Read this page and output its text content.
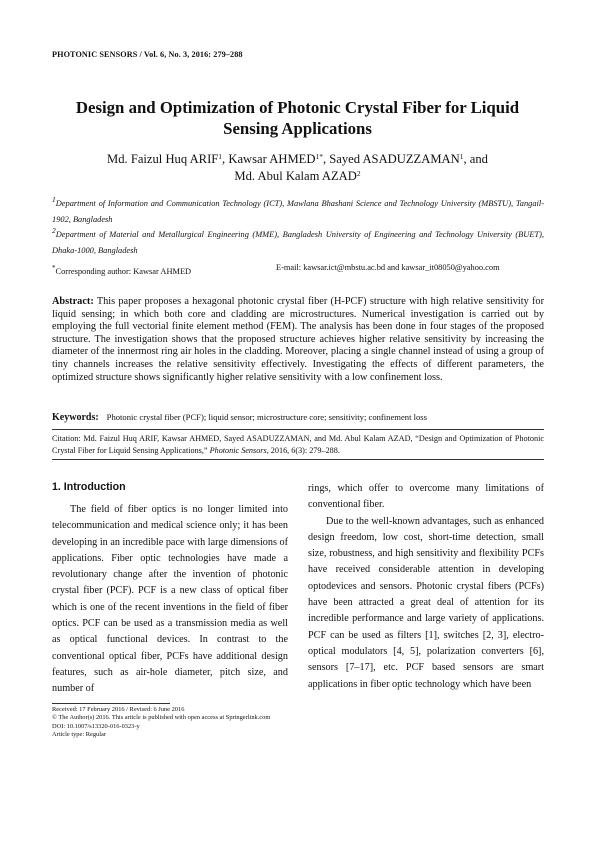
PHOTONIC SENSORS / Vol. 6, No. 3, 2016: 279‒288
Design and Optimization of Photonic Crystal Fiber for Liquid
Sensing Applications
Md. Faizul Huq ARIF$^1$, Kawsar $AHMED^{1*}$, Sayed ASADUZZAMAN$^1$, and
Md. Abul Kalam AZAD$^2$
$^1$Department of Information and Communication Technology (ICT), Mawlana Bhashani Science and Technology University (MBSTU), Tangail-1902, Bangladesh
$^2$Department of Material and Metallurgical Engineering (MME), Bangladesh University of Engineering and Technology University (BUET), Dhaka-1000, Bangladesh
*Corresponding author: Kawsar AHMED	E-mail: kawsar.ict@mbstu.ac.bd and kawsar_it08050@yahoo.com
Abstract: This paper proposes a hexagonal photonic crystal fiber (H-PCF) structure with high relative sensitivity for liquid sensing; in which both core and cladding are microstructures. Numerical investigation is carried out by employing the full vectorial finite element method (FEM). The analysis has been done in four stages of the proposed structure. The investigation shows that the proposed structure achieves higher relative sensitivity by increasing the diameter of the innermost ring air holes in the cladding. Moreover, placing a single channel instead of using a group of tiny channels increases the relative sensitivity effectively. Investigating the effects of different parameters, the optimized structure shows significantly higher relative sensitivity with a low confinement loss.
Keywords: Photonic crystal fiber (PCF); liquid sensor; microstructure core; sensitivity; confinement loss
Citation: Md. Faizul Huq ARIF, Kawsar AHMED, Sayed ASADUZZAMAN, and Md. Abul Kalam AZAD, “Design and Optimization of Photonic Crystal Fiber for Liquid Sensing Applications,” Photonic Sensors, 2016, 6(3): 279‒288.
1. Introduction

The field of fiber optics is no longer limited into telecommunication and medical science only; it has been developing in an incredible pace with large dimensions of applications. Fiber optic technologies have made a revolutionary change after the invention of photonic crystal fiber (PCF). PCF is a new class of optical fiber which is one of the recent inventions in the field of fiber optics. PCF can be used as a transmission media as well as optical functional devices. In contrast to the conventional optical fiber, PCFs have additional design features, such as air-hole diameter, pitch size, and number of

rings, which offer to overcome many limitations of conventional fiber.

Due to the well-known advantages, such as enhanced design freedom, low cost, short-time detection, small size, robustness, and high sensitivity and flexibility PCFs have received considerable attention in developing optodevices and sensors. Photonic crystal fibers (PCFs) have been attracted a great deal of attention for its incredible performance and large variety of applications. PCF can be used as filters [1], switches [2, 3], electro-optical modulators [4, 5], polarization converters [6], sensors [7‒17], etc. PCF based sensors are smart applications in fiber optic technology which have been

Received: 17 February 2016 / Revised: 6 June 2016
© The Author(s) 2016. This article is published with open access at Springerlink.com
DOI: 10.1007/s13320-016-0323-y
Article type: Regular
